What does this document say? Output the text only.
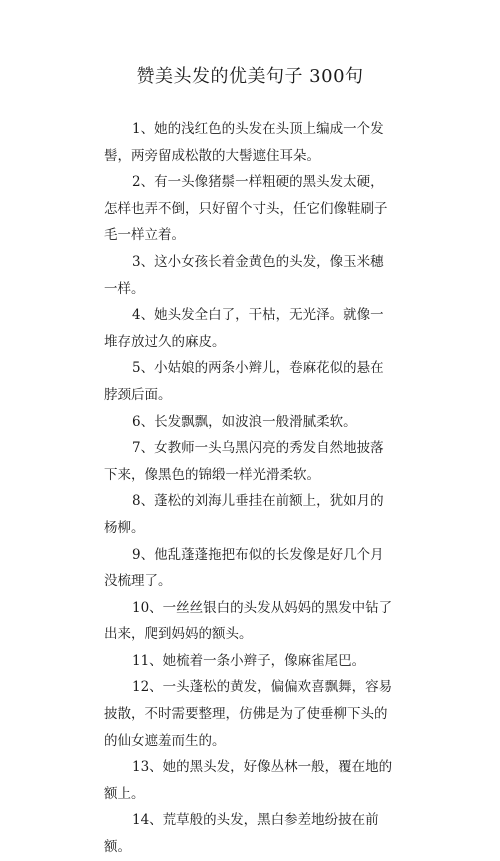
赞美头发的优美句子 300句

1、她的浅红色的头发在头顶上编成一个发髻，两旁留成松散的大髻遮住耳朵。

2、有一头像猪鬃一样粗硬的黑头发太硬，怎样也弄不倒，只好留个寸头，任它们像鞋刷子毛一样立着。

3、这小女孩长着金黄色的头发，像玉米穗一样。

4、她头发全白了，干枯，无光泽。就像一堆存放过久的麻皮。

5、小姑娘的两条小辫儿，卷麻花似的悬在脖颈后面。

6、长发飘飘，如波浪一般滑腻柔软。

7、女教师一头乌黑闪亮的秀发自然地披落下来，像黑色的锦缎一样光滑柔软。

8、蓬松的刘海儿垂挂在前额上，犹如月的杨柳。

9、他乱蓬蓬拖把布似的长发像是好几个月没梳理了。

10、一丝丝银白的头发从妈妈的黑发中钻了出来，爬到妈妈的额头。

11、她梳着一条小辫子，像麻雀尾巴。

12、一头蓬松的黄发，偏偏欢喜飘舞，容易披散，不时需要整理，仿佛是为了使垂柳下头的的仙女遮羞而生的。

13、她的黑头发，好像丛林一般，覆在地的额上。

14、荒草般的头发，黑白参差地纷披在前额。
